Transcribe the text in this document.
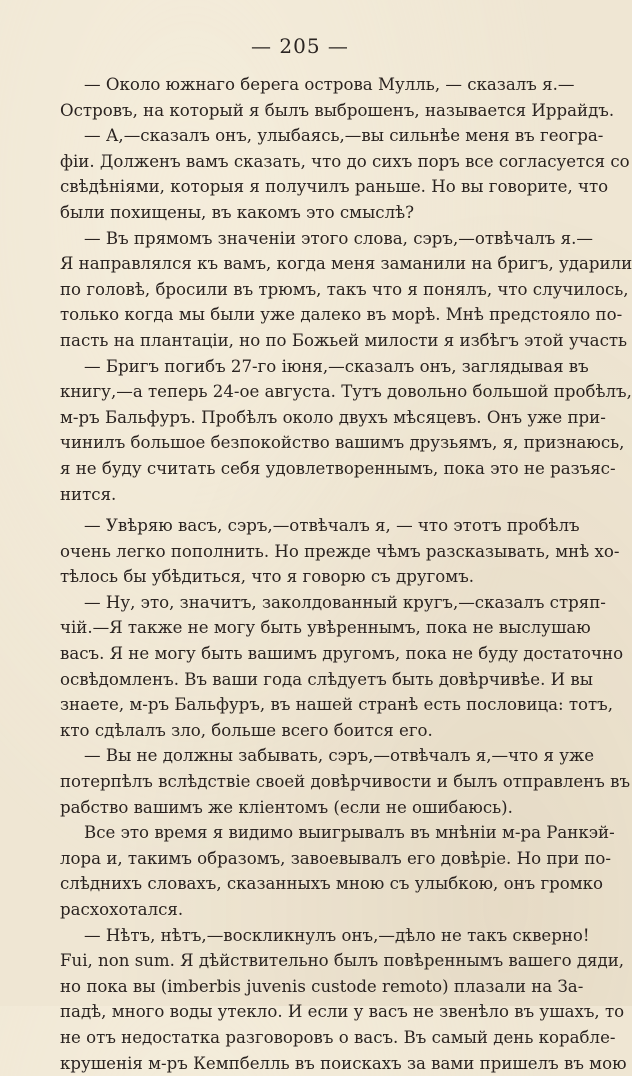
— 205 —
— Около южнаго берега острова Мулль, — сказалъ я.—
Островъ, на который я былъ выброшенъ, называется Иррайдъ.
— А,—сказалъ онъ, улыбаясь,—вы сильнѣе меня въ геогра-
фіи. Долженъ вамъ сказать, что до сихъ поръ все согласуется со
свѣдѣніями, которыя я получилъ раньше. Но вы говорите, что
были похищены, въ какомъ это смыслѣ?
— Въ прямомъ значеніи этого слова, сэръ,—отвѣчалъ я.—
Я направлялся къ вамъ, когда меня заманили на бригъ, ударили
по головѣ, бросили въ трюмъ, такъ что я понялъ, что случилось,
только когда мы были уже далеко въ морѣ. Мнѣ предстояло по-
пасть на плантаціи, но по Божьей милости я избѣгъ этой участь
— Бригъ погибъ 27-го іюня,—сказалъ онъ, заглядывая въ
книгу,—а теперь 24-ое августа. Тутъ довольно большой пробѣлъ,
м-ръ Бальфуръ. Пробѣлъ около двухъ мѣсяцевъ. Онъ уже при-
чинилъ большое безпокойство вашимъ друзьямъ, я, признаюсь,
я не буду считать себя удовлетвореннымъ, пока это не разъяс-
нится.
— Увѣряю васъ, сэръ,—отвѣчалъ я, — что этотъ пробѣлъ
очень легко пополнить. Но прежде чѣмъ разсказывать, мнѣ хо-
тѣлось бы убѣдиться, что я говорю съ другомъ.
— Ну, это, значитъ, заколдованный кругъ,—сказалъ стряп-
чій.—Я также не могу быть увѣреннымъ, пока не выслушаю
васъ. Я не могу быть вашимъ другомъ, пока не буду достаточно
освѣдомленъ. Въ ваши года слѣдуетъ быть довѣрчивѣе. И вы
знаете, м-ръ Бальфуръ, въ нашей странѣ есть пословица: тотъ,
кто сдѣлалъ зло, больше всего боится его.
— Вы не должны забывать, сэръ,—отвѣчалъ я,—что я уже
потерпѣлъ вслѣдствіе своей довѣрчивости и былъ отправленъ въ
рабство вашимъ же клiентомъ (если не ошибаюсь).
Все это время я видимо выигрывалъ въ мнѣніи м-ра Ранкэй-
лора и, такимъ образомъ, завоевывалъ его довѣріе. Но при по-
слѣднихъ словахъ, сказанныхъ мною съ улыбкою, онъ громко
расхохотался.
— Нѣтъ, нѣтъ,—воскликнулъ онъ,—дѣло не такъ скверно!
Fui, non sum. Я дѣйствительно былъ повѣреннымъ вашего дяди,
но пока вы (imberbis juvenis custode remoto) плазали на За-
падѣ, много воды утекло. И если у васъ не звенѣло въ ушахъ, то
не отъ недостатка разговоровъ о васъ. Въ самый день корабле-
крушенія м-ръ Кемпбелль въ поискахъ за вами пришелъ въ мою
